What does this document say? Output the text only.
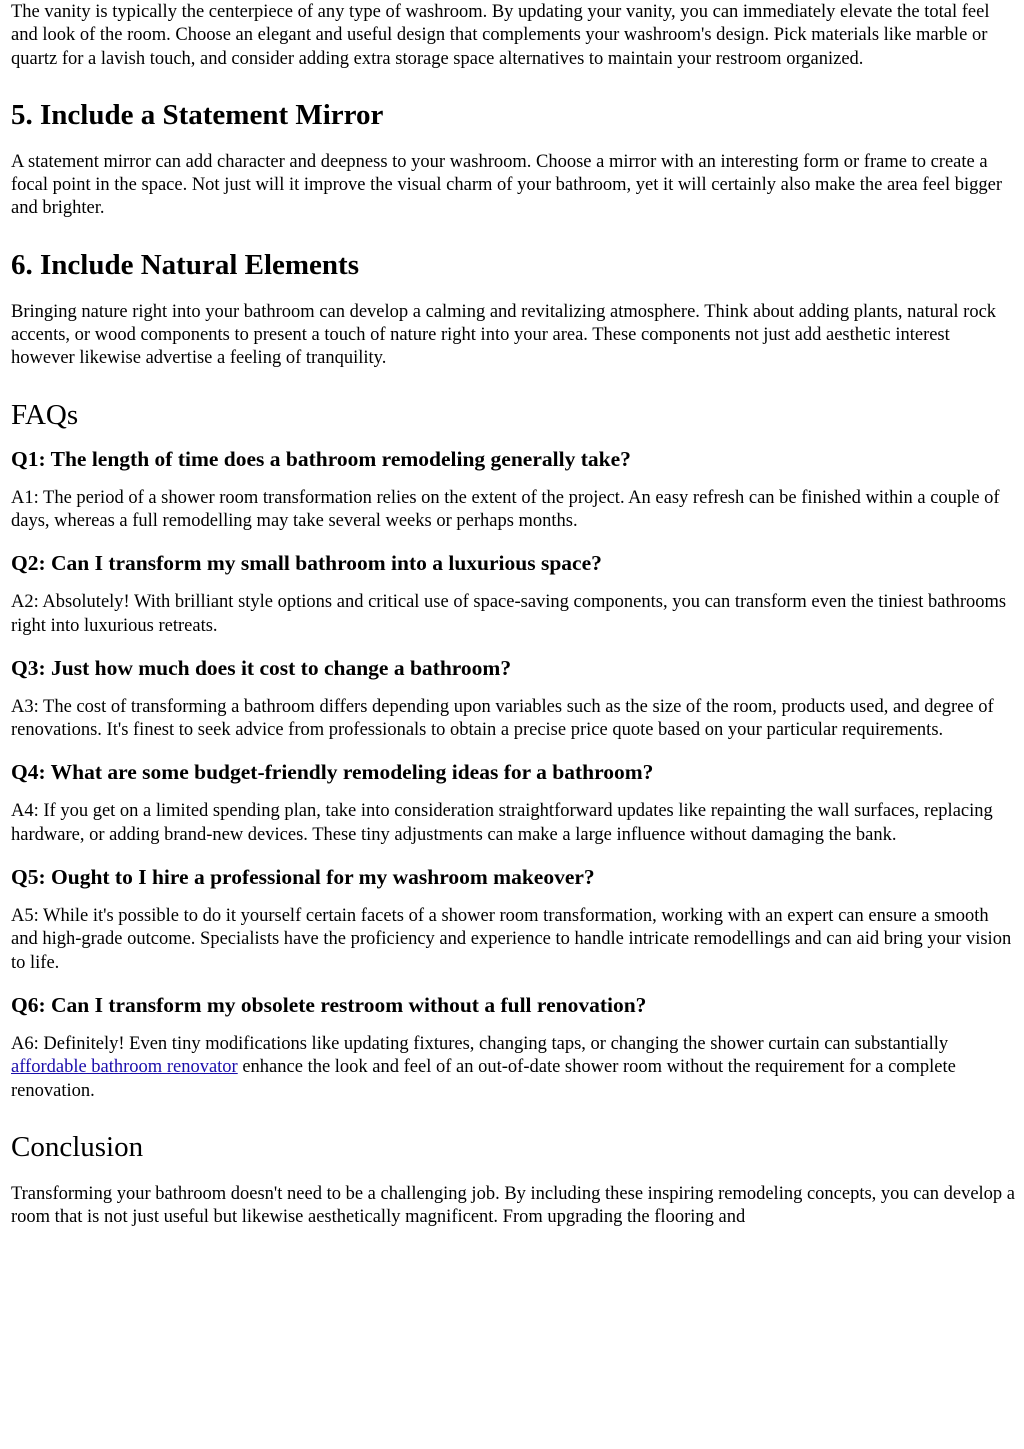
The vanity is typically the centerpiece of any type of washroom. By updating your vanity, you can immediately elevate the total feel and look of the room. Choose an elegant and useful design that complements your washroom's design. Pick materials like marble or quartz for a lavish touch, and consider adding extra storage space alternatives to maintain your restroom organized.

5. Include a Statement Mirror

A statement mirror can add character and deepness to your washroom. Choose a mirror with an interesting form or frame to create a focal point in the space. Not just will it improve the visual charm of your bathroom, yet it will certainly also make the area feel bigger and brighter.

6. Include Natural Elements

Bringing nature right into your bathroom can develop a calming and revitalizing atmosphere. Think about adding plants, natural rock accents, or wood components to present a touch of nature right into your area. These components not just add aesthetic interest however likewise advertise a feeling of tranquility.

FAQs
Q1: The length of time does a bathroom remodeling generally take?

A1: The period of a shower room transformation relies on the extent of the project. An easy refresh can be finished within a couple of days, whereas a full remodelling may take several weeks or perhaps months.

Q2: Can I transform my small bathroom into a luxurious space?

A2: Absolutely! With brilliant style options and critical use of space-saving components, you can transform even the tiniest bathrooms right into luxurious retreats.

Q3: Just how much does it cost to change a bathroom?

A3: The cost of transforming a bathroom differs depending upon variables such as the size of the room, products used, and degree of renovations. It's finest to seek advice from professionals to obtain a precise price quote based on your particular requirements.

Q4: What are some budget-friendly remodeling ideas for a bathroom?

A4: If you get on a limited spending plan, take into consideration straightforward updates like repainting the wall surfaces, replacing hardware, or adding brand-new devices. These tiny adjustments can make a large influence without damaging the bank.

Q5: Ought to I hire a professional for my washroom makeover?

A5: While it's possible to do it yourself certain facets of a shower room transformation, working with an expert can ensure a smooth and high-grade outcome. Specialists have the proficiency and experience to handle intricate remodellings and can aid bring your vision to life.

Q6: Can I transform my obsolete restroom without a full renovation?

A6: Definitely! Even tiny modifications like updating fixtures, changing taps, or changing the shower curtain can substantially affordable bathroom renovator enhance the look and feel of an out-of-date shower room without the requirement for a complete renovation.

Conclusion

Transforming your bathroom doesn't need to be a challenging job. By including these inspiring remodeling concepts, you can develop a room that is not just useful but likewise aesthetically magnificent. From upgrading the flooring and
